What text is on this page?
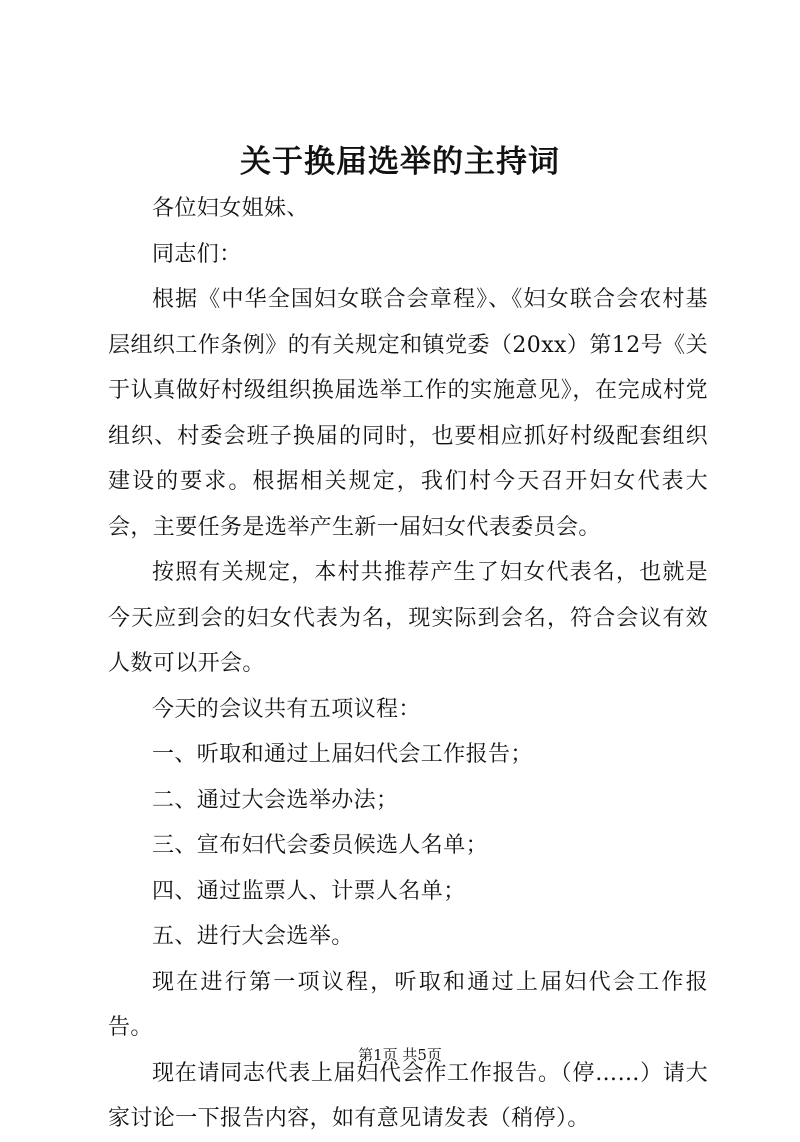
关于换届选举的主持词

各位妇女姐妹、

同志们：

根据《中华全国妇女联合会章程》、《妇女联合会农村基层组织工作条例》的有关规定和镇党委（20xx）第12号《关于认真做好村级组织换届选举工作的实施意见》，在完成村党组织、村委会班子换届的同时，也要相应抓好村级配套组织建设的要求。根据相关规定，我们村今天召开妇女代表大会，主要任务是选举产生新一届妇女代表委员会。

按照有关规定，本村共推荐产生了妇女代表名，也就是今天应到会的妇女代表为名，现实际到会名，符合会议有效人数可以开会。

今天的会议共有五项议程：

一、听取和通过上届妇代会工作报告；

二、通过大会选举办法；

三、宣布妇代会委员候选人名单；

四、通过监票人、计票人名单；

五、进行大会选举。

现在进行第一项议程，听取和通过上届妇代会工作报告。

现在请同志代表上届妇代会作工作报告。（停……）请大家讨论一下报告内容，如有意见请发表（稍停）。

第1页 共5页
